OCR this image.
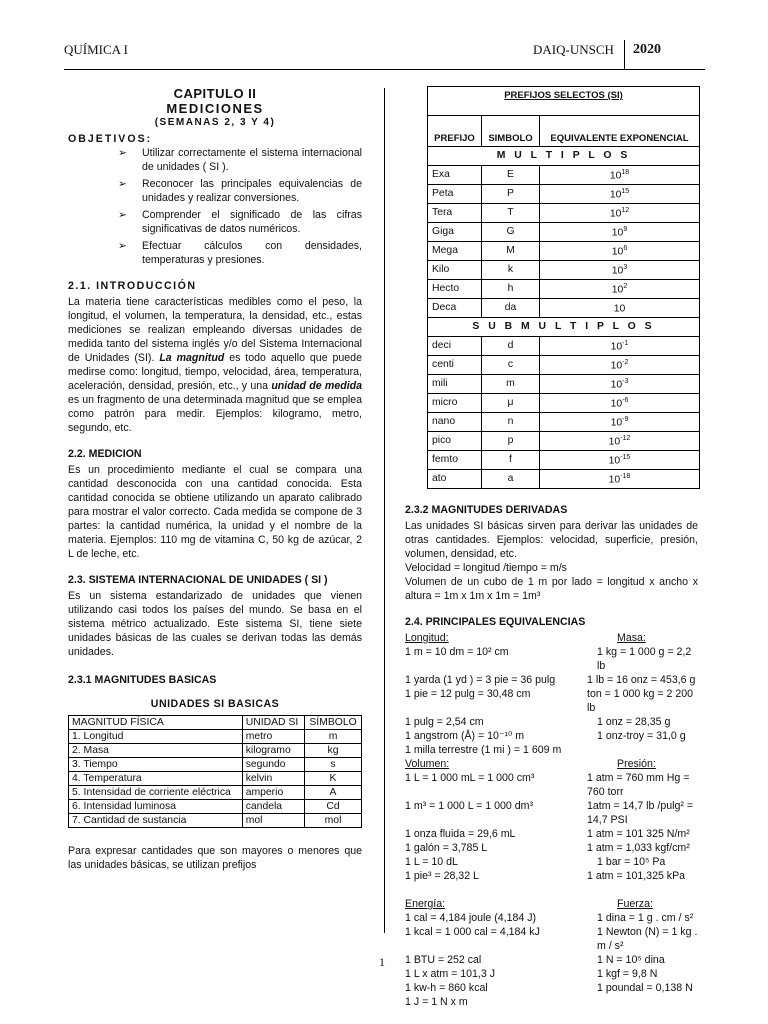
QUÍMICA I	DAIQ-UNSCH 2020
CAPITULO II
MEDICIONES
(SEMANAS 2, 3 Y 4)
OBJETIVOS:
➢ Utilizar correctamente el sistema internacional de unidades ( SI ).
➢ Reconocer las principales equivalencias de unidades y realizar conversiones.
➢ Comprender el significado de las cifras significativas de datos numéricos.
➢ Efectuar cálculos con densidades, temperaturas y presiones.
2.1. INTRODUCCIÓN

La materia tiene características medibles como el peso, la longitud, el volumen, la temperatura, la densidad, etc., estas mediciones se realizan empleando diversas unidades de medida tanto del sistema inglés y/o del Sistema Internacional de Unidades (SI). La magnitud es todo aquello que puede medirse como: longitud, tiempo, velocidad, área, temperatura, aceleración, densidad, presión, etc., y una unidad de medida es un fragmento de una determinada magnitud que se emplea como patrón para medir. Ejemplos: kilogramo, metro, segundo, etc.

2.2. MEDICION

Es un procedimiento mediante el cual se compara una cantidad desconocida con una cantidad conocida. Esta cantidad conocida se obtiene utilizando un aparato calibrado para mostrar el valor correcto. Cada medida se compone de 3 partes: la cantidad numérica, la unidad y el nombre de la materia. Ejemplos: 110 mg de vitamina C, 50 kg de azúcar, 2 L de leche, etc.

2.3. SISTEMA INTERNACIONAL DE UNIDADES ( SI )

Es un sistema estandarizado de unidades que vienen utilizando casi todos los países del mundo. Se basa en el sistema métrico actualizado. Este sistema SI, tiene siete unidades básicas de las cuales se derivan todas las demás unidades.

2.3.1 MAGNITUDES BASICAS
UNIDADES SI BASICAS
MAGNITUD FÍSICA	UNIDAD SI	SÍMBOLO
1. Longitud	metro	m
2. Masa	kilogramo	kg
3. Tiempo	segundo	s
4. Temperatura	kelvin	K
5. Intensidad de corriente eléctrica	amperio	A
6. Intensidad luminosa	candela	Cd
7. Cantidad de sustancia	mol	mol

Para expresar cantidades que son mayores o menores que las unidades básicas, se utilizan prefijos

PREFIJOS SELECTOS (SI)		
PREFIJO	SIMBOLO	EQUIVALENTE EXPONENCIAL
M U L T I P L O S		
Exa	E	$10^{18}$
Peta	P	$10^{15}$
Tera	T	$10^{12}$
Giga	G	$10^9$
Mega	M	$10^6$
Kilo	k	$10^3$
Hecto	h	$10^2$
Deca	da	10
S U B M U L T I P L O S		
deci	d	$10^{-1}$
centi	c	$10^{-2}$
mili	m	$10^{-3}$
micro	μ	$10^{-6}$
nano	n	$10^{-9}$
pico	p	$10^{-12}$
femto	f	$10^{-15}$
ato	a	$10^{-18}$
2.3.2 MAGNITUDES DERIVADAS

Las unidades SI básicas sirven para derivar las unidades de otras cantidades. Ejemplos: velocidad, superficie, presión, volumen, densidad, etc.

Velocidad = longitud /tiempo = m/s

Volumen de un cubo de 1 m por lado = longitud x ancho x altura = 1m x 1m x 1m = 1m³

2.4. PRINCIPALES EQUIVALENCIAS
Longitud:	Masa:
1 m = 10 dm = 10² cm	1 kg = 1 000 g = 2,2 lb
1 yarda (1 yd ) = 3 pie = 36 pulg	1 lb = 16 onz = 453,6 g
1 pie = 12 pulg = 30,48 cm	ton = 1 000 kg = 2 200 lb
1 pulg = 2,54 cm	1 onz = 28,35 g
1 angstrom (Å) = 10⁻¹⁰ m	1 onz-troy = 31,0 g
1 milla terrestre (1 mi ) = 1 609 m
Volumen:	Presión:
1 L = 1 000 mL = 1 000 cm³	1 atm = 760 mm Hg = 760 torr
1 m³ = 1 000 L = 1 000 dm³	1atm = 14,7 lb /pulg² = 14,7 PSI
1 onza fluida = 29,6 mL	1 atm = 101 325 N/m²
1 galón = 3,785 L	1 atm = 1,033 kgf/cm²
1 L = 10 dL	1 bar = 10⁵ Pa
1 pie³ = 28,32 L	1 atm = 101,325 kPa
Energía:	Fuerza:
1 cal = 4,184 joule (4,184 J)	1 dina = 1 g . cm / s²
1 kcal = 1 000 cal = 4,184 kJ	1 Newton (N) = 1 kg . m / s²
1 BTU = 252 cal	1 N = 10⁵ dina
1 L x atm = 101,3 J	1 kgf = 9,8 N
1 kw-h = 860 kcal	1 poundal = 0,138 N
1 J = 1 N x m
1
